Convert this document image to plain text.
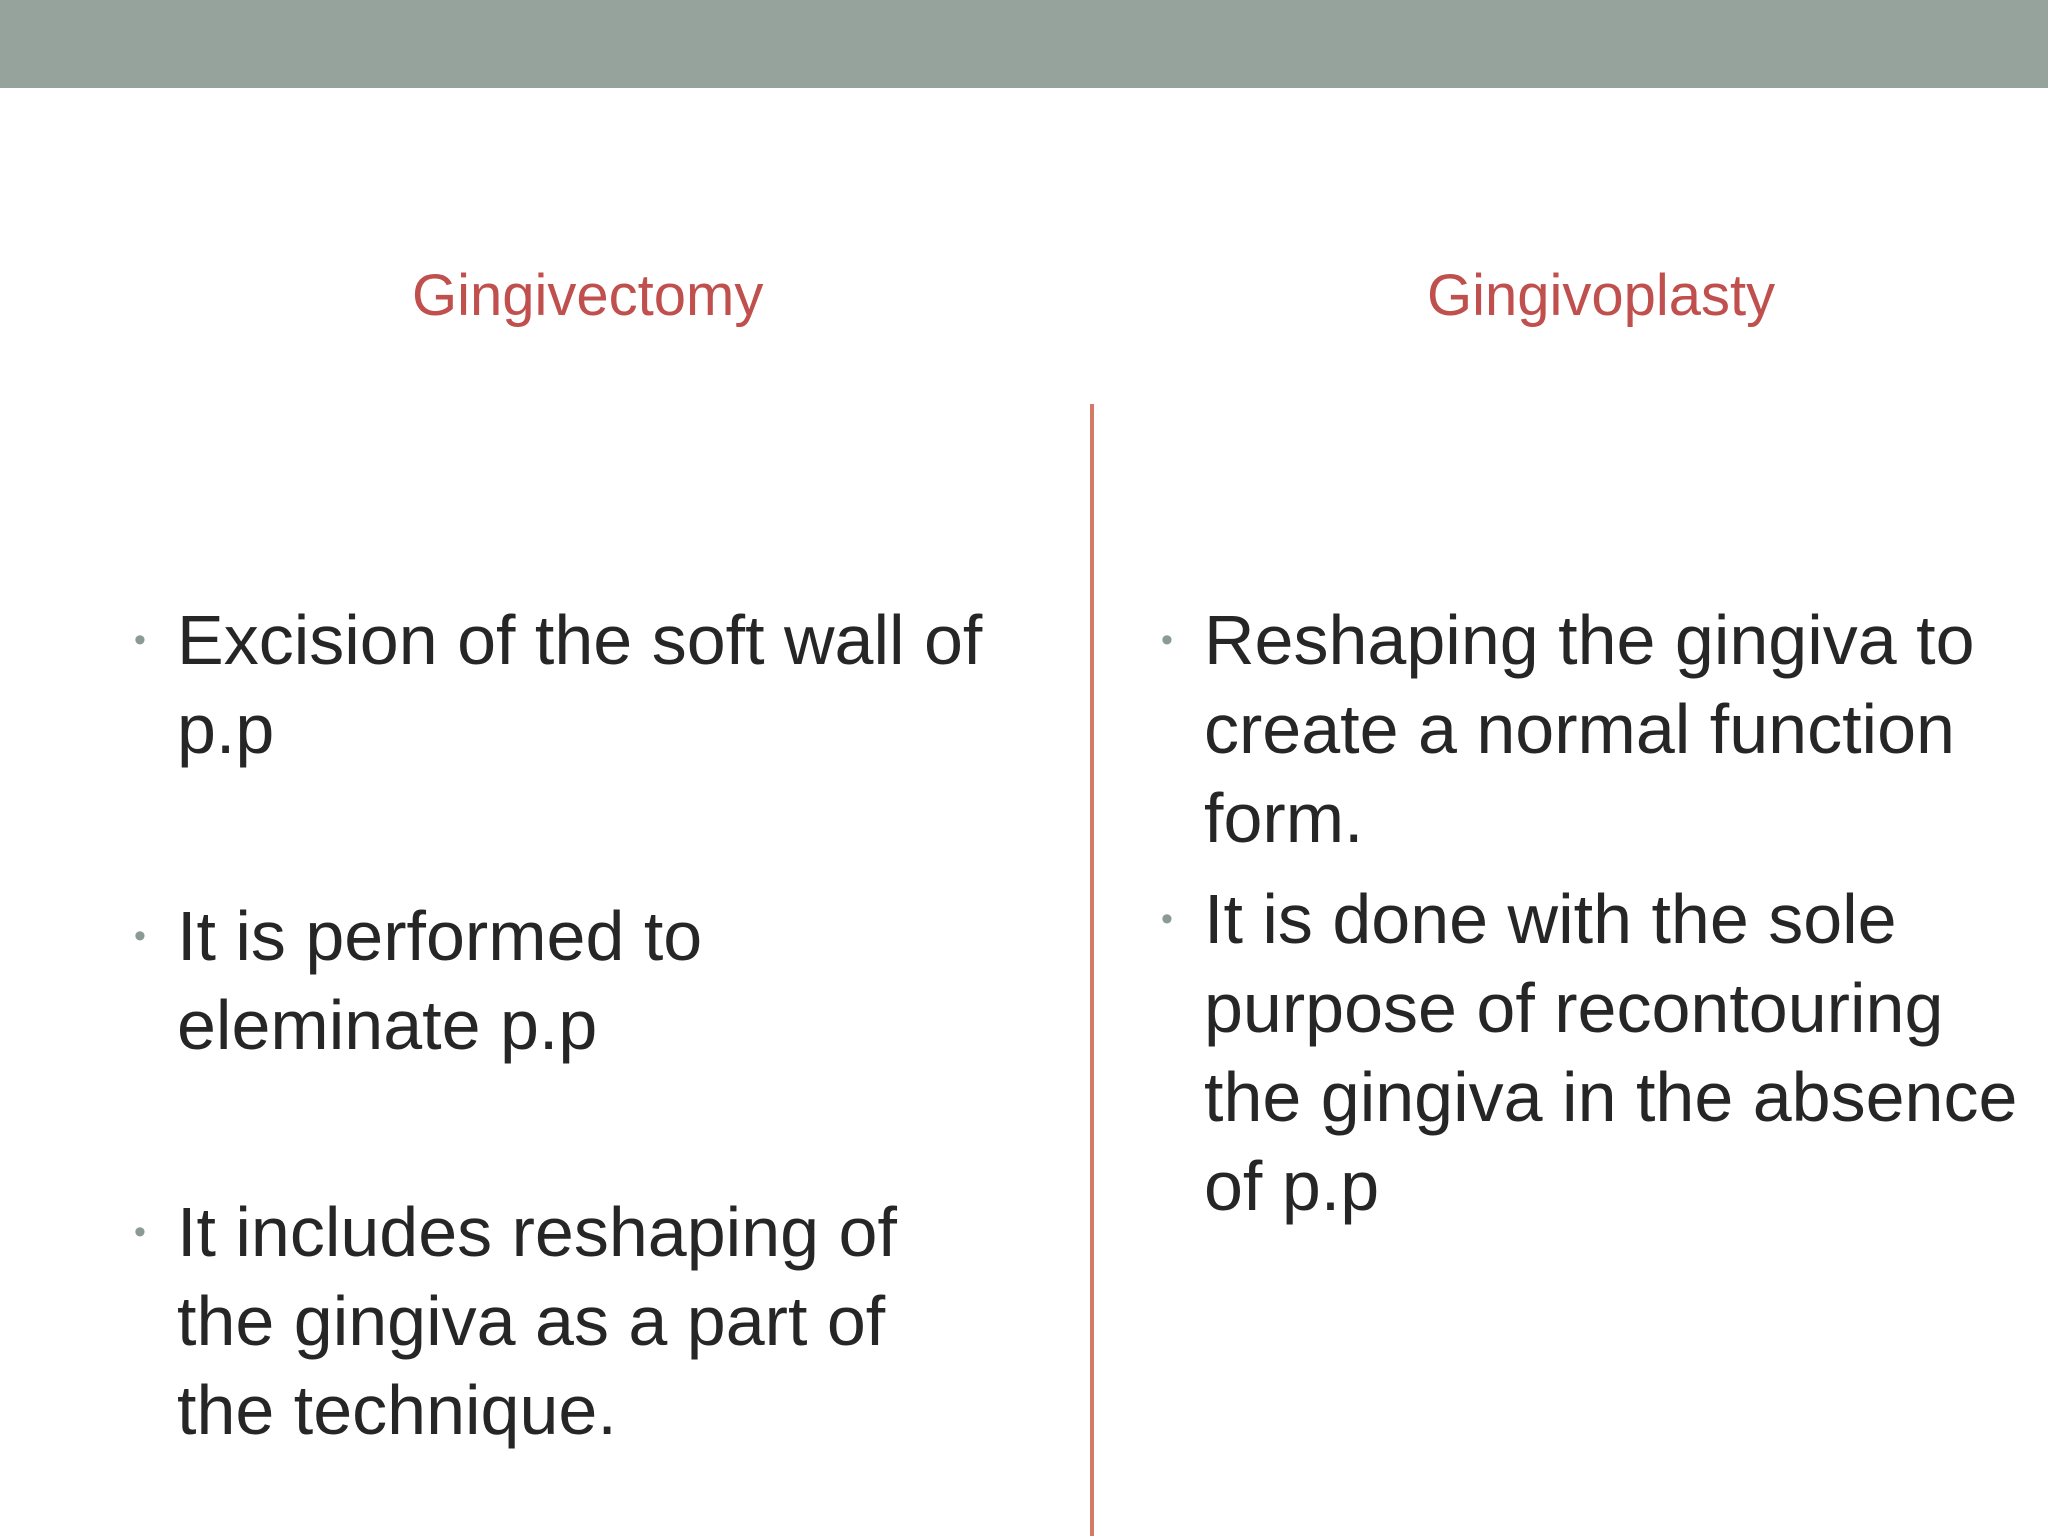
Gingivectomy	Gingivoplasty
• Excision of the soft wall of
p.p
• It is performed to
eleminate p.p
• It includes reshaping of
the gingiva as a part of
the technique.
• Reshaping the gingiva to
create a normal function
form.
• It is done with the sole
purpose of recontouring
the gingiva in the absence
of p.p
